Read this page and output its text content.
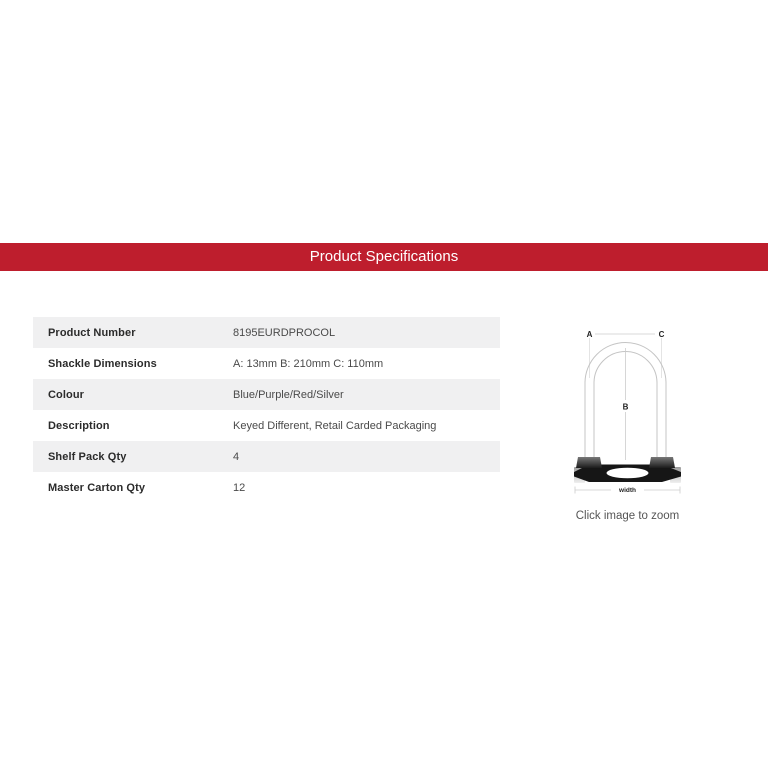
Product Specifications
Product Number	8195EURDPROCOL
Shackle Dimensions	A: 13mm B: 210mm C: 110mm
Colour	Blue/Purple/Red/Silver
Description	Keyed Different, Retail Carded Packaging
Shelf Pack Qty	4
Master Carton Qty	12
A	C
B
width
Click image to zoom
